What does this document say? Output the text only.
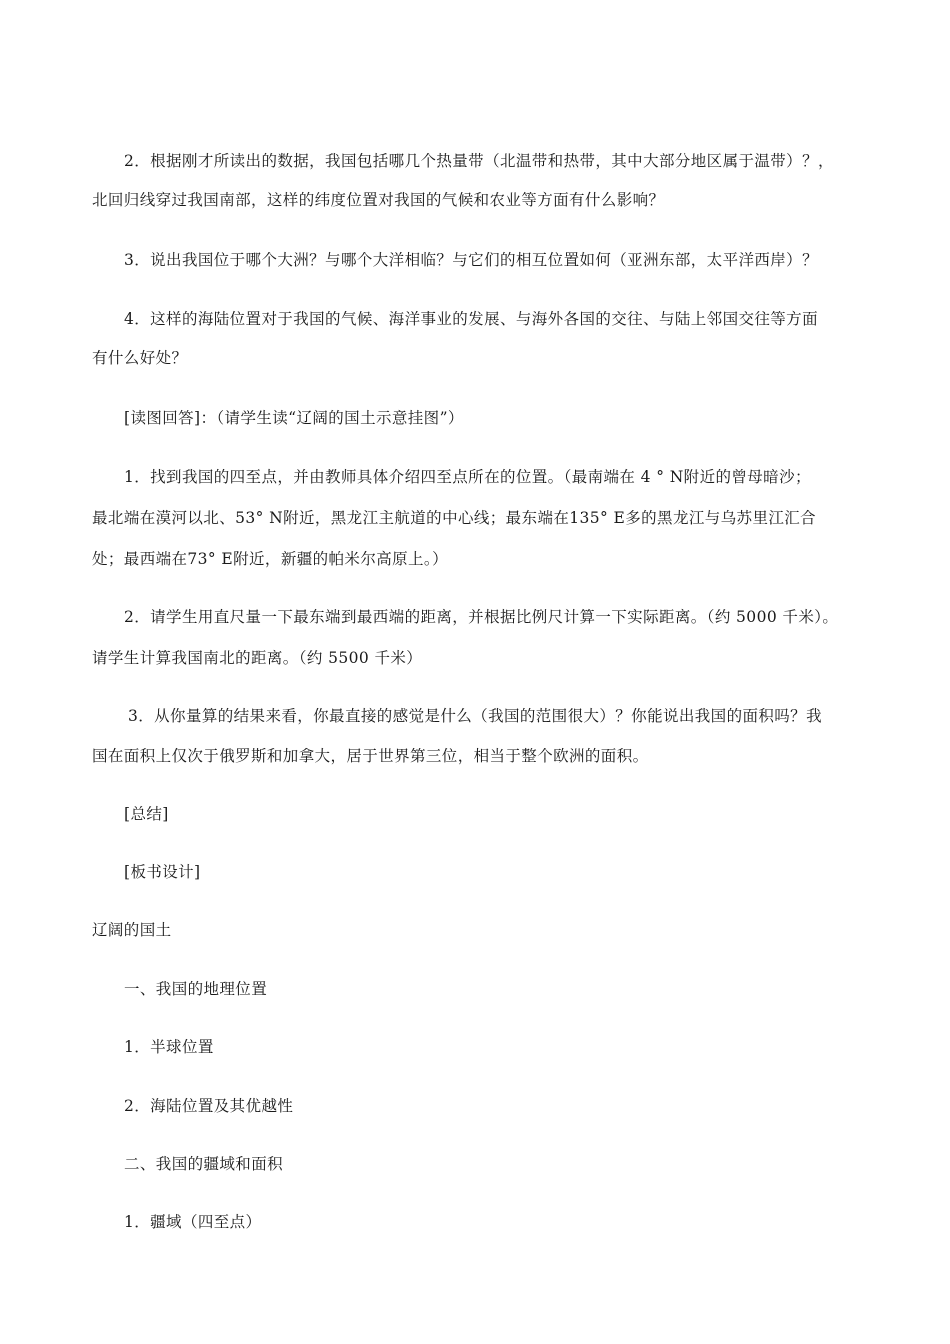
2．根据刚才所读出的数据，我国包括哪几个热量带（北温带和热带，其中大部分地区属于温带）？，
北回归线穿过我国南部，这样的纬度位置对我国的气候和农业等方面有什么影响？
3．说出我国位于哪个大洲？与哪个大洋相临？与它们的相互位置如何（亚洲东部，太平洋西岸）？
4．这样的海陆位置对于我国的气候、海洋事业的发展、与海外各国的交往、与陆上邻国交往等方面
有什么好处？
[读图回答]：（请学生读“辽阔的国土示意挂图”）
1．找到我国的四至点，并由教师具体介绍四至点所在的位置。（最南端在 4 ° N附近的曾母暗沙；
最北端在漠河以北、53° N附近，黑龙江主航道的中心线；最东端在135° E多的黑龙江与乌苏里江汇合
处；最西端在73° E附近，新疆的帕米尔高原上。）
2．请学生用直尺量一下最东端到最西端的距离，并根据比例尺计算一下实际距离。（约 5000 千米）。
请学生计算我国南北的距离。（约 5500 千米）
3．从你量算的结果来看，你最直接的感觉是什么（我国的范围很大）？你能说出我国的面积吗？我
国在面积上仅次于俄罗斯和加拿大，居于世界第三位，相当于整个欧洲的面积。
[总结]
[板书设计]
辽阔的国土
一、我国的地理位置
1．半球位置
2．海陆位置及其优越性
二、我国的疆域和面积
1．疆域（四至点）
